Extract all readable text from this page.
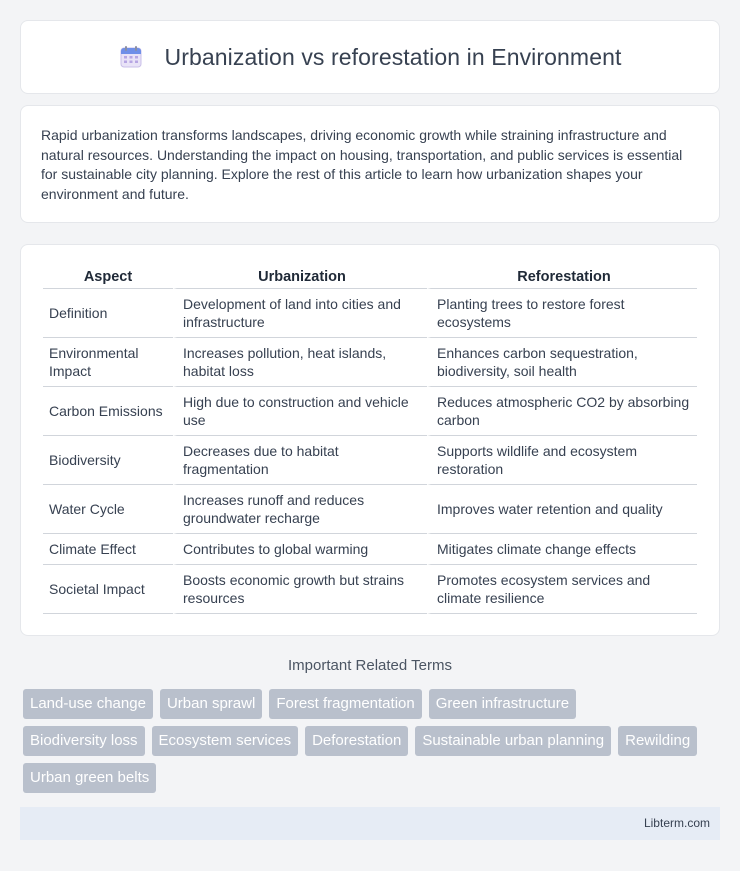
Urbanization vs reforestation in Environment

Rapid urbanization transforms landscapes, driving economic growth while straining infrastructure and natural resources. Understanding the impact on housing, transportation, and public services is essential for sustainable city planning. Explore the rest of this article to learn how urbanization shapes your environment and future.

Aspect	Urbanization	Reforestation
Definition	Development of land into cities and infrastructure	Planting trees to restore forest ecosystems
Environmental Impact	Increases pollution, heat islands, habitat loss	Enhances carbon sequestration, biodiversity, soil health
Carbon Emissions	High due to construction and vehicle use	Reduces atmospheric CO2 by absorbing carbon
Biodiversity	Decreases due to habitat fragmentation	Supports wildlife and ecosystem restoration
Water Cycle	Increases runoff and reduces groundwater recharge	Improves water retention and quality
Climate Effect	Contributes to global warming	Mitigates climate change effects
Societal Impact	Boosts economic growth but strains resources	Promotes ecosystem services and climate resilience
Important Related Terms
Land-use change	Urban sprawl	Forest fragmentation	Green infrastructure
Biodiversity loss	Ecosystem services	Deforestation	Sustainable urban planning	Rewilding
Urban green belts
Libterm.com
